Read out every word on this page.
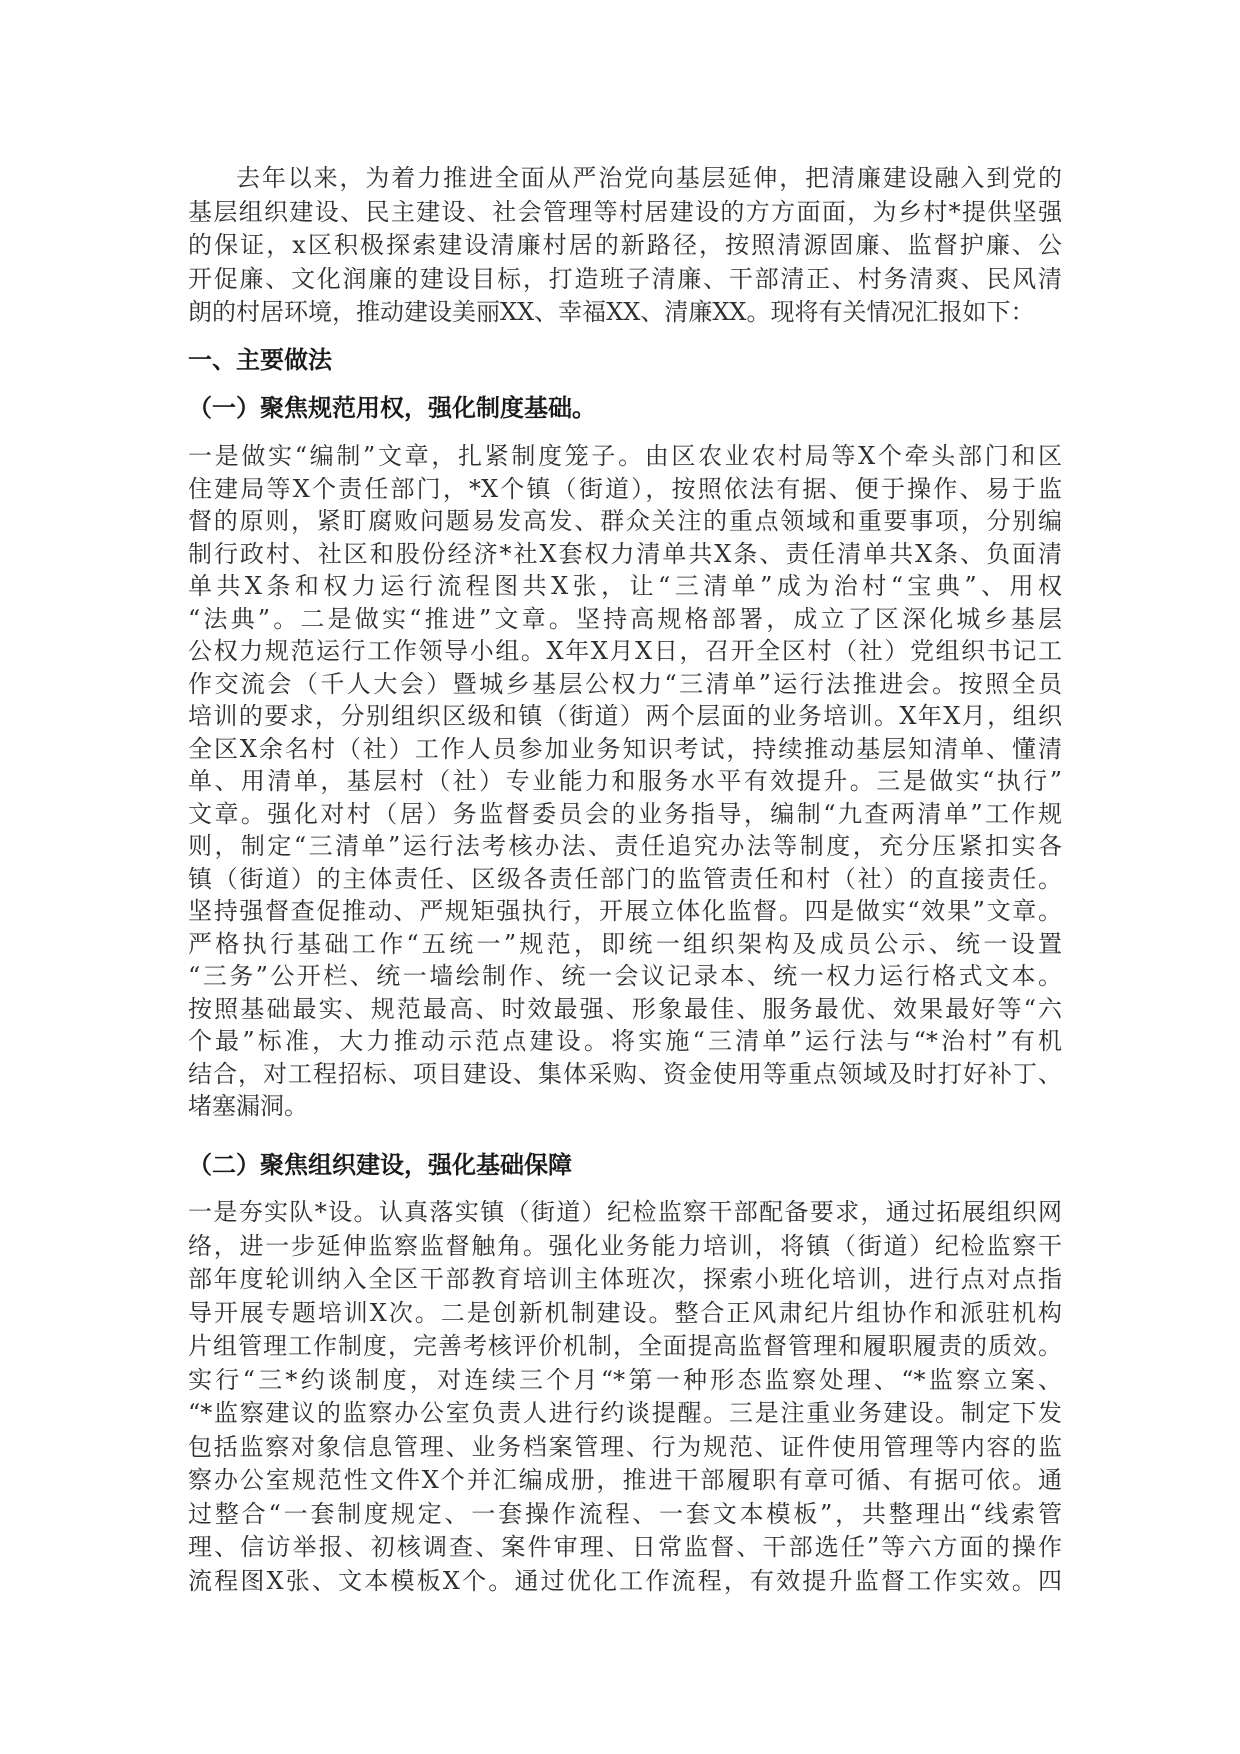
去年以来，为着力推进全面从严治党向基层延伸，把清廉建设融入到党的
基层组织建设、民主建设、社会管理等村居建设的方方面面，为乡村*提供坚强
的保证，x区积极探索建设清廉村居的新路径，按照清源固廉、监督护廉、公
开促廉、文化润廉的建设目标，打造班子清廉、干部清正、村务清爽、民风清
朗的村居环境，推动建设美丽XX、幸福XX、清廉XX。现将有关情况汇报如下：
一、主要做法
（一）聚焦规范用权，强化制度基础。
一是做实“编制”文章，扎紧制度笼子。由区农业农村局等X个牵头部门和区
住建局等X个责任部门，*X个镇（街道），按照依法有据、便于操作、易于监
督的原则，紧盯腐败问题易发高发、群众关注的重点领域和重要事项，分别编
制行政村、社区和股份经济*社X套权力清单共X条、责任清单共X条、负面清
单共X条和权力运行流程图共X张，让“三清单”成为治村“宝典”、用权
“法典”。二是做实“推进”文章。坚持高规格部署，成立了区深化城乡基层
公权力规范运行工作领导小组。X年X月X日，召开全区村（社）党组织书记工
作交流会（千人大会）暨城乡基层公权力“三清单”运行法推进会。按照全员
培训的要求，分别组织区级和镇（街道）两个层面的业务培训。X年X月，组织
全区X余名村（社）工作人员参加业务知识考试，持续推动基层知清单、懂清
单、用清单，基层村（社）专业能力和服务水平有效提升。三是做实“执行”
文章。强化对村（居）务监督委员会的业务指导，编制“九查两清单”工作规
则，制定“三清单”运行法考核办法、责任追究办法等制度，充分压紧扣实各
镇（街道）的主体责任、区级各责任部门的监管责任和村（社）的直接责任。
坚持强督查促推动、严规矩强执行，开展立体化监督。四是做实“效果”文章。
严格执行基础工作“五统一”规范，即统一组织架构及成员公示、统一设置
“三务”公开栏、统一墙绘制作、统一会议记录本、统一权力运行格式文本。
按照基础最实、规范最高、时效最强、形象最佳、服务最优、效果最好等“六
个最”标准，大力推动示范点建设。将实施“三清单”运行法与“*治村”有机
结合，对工程招标、项目建设、集体采购、资金使用等重点领域及时打好补丁、
堵塞漏洞。
（二）聚焦组织建设，强化基础保障
一是夯实队*设。认真落实镇（街道）纪检监察干部配备要求，通过拓展组织网
络，进一步延伸监察监督触角。强化业务能力培训，将镇（街道）纪检监察干
部年度轮训纳入全区干部教育培训主体班次，探索小班化培训，进行点对点指
导开展专题培训X次。二是创新机制建设。整合正风肃纪片组协作和派驻机构
片组管理工作制度，完善考核评价机制，全面提高监督管理和履职履责的质效。
实行“三*约谈制度，对连续三个月“*第一种形态监察处理、“*监察立案、
“*监察建议的监察办公室负责人进行约谈提醒。三是注重业务建设。制定下发
包括监察对象信息管理、业务档案管理、行为规范、证件使用管理等内容的监
察办公室规范性文件X个并汇编成册，推进干部履职有章可循、有据可依。通
过整合“一套制度规定、一套操作流程、一套文本模板”，共整理出“线索管
理、信访举报、初核调查、案件审理、日常监督、干部选任”等六方面的操作
流程图X张、文本模板X个。通过优化工作流程，有效提升监督工作实效。四
